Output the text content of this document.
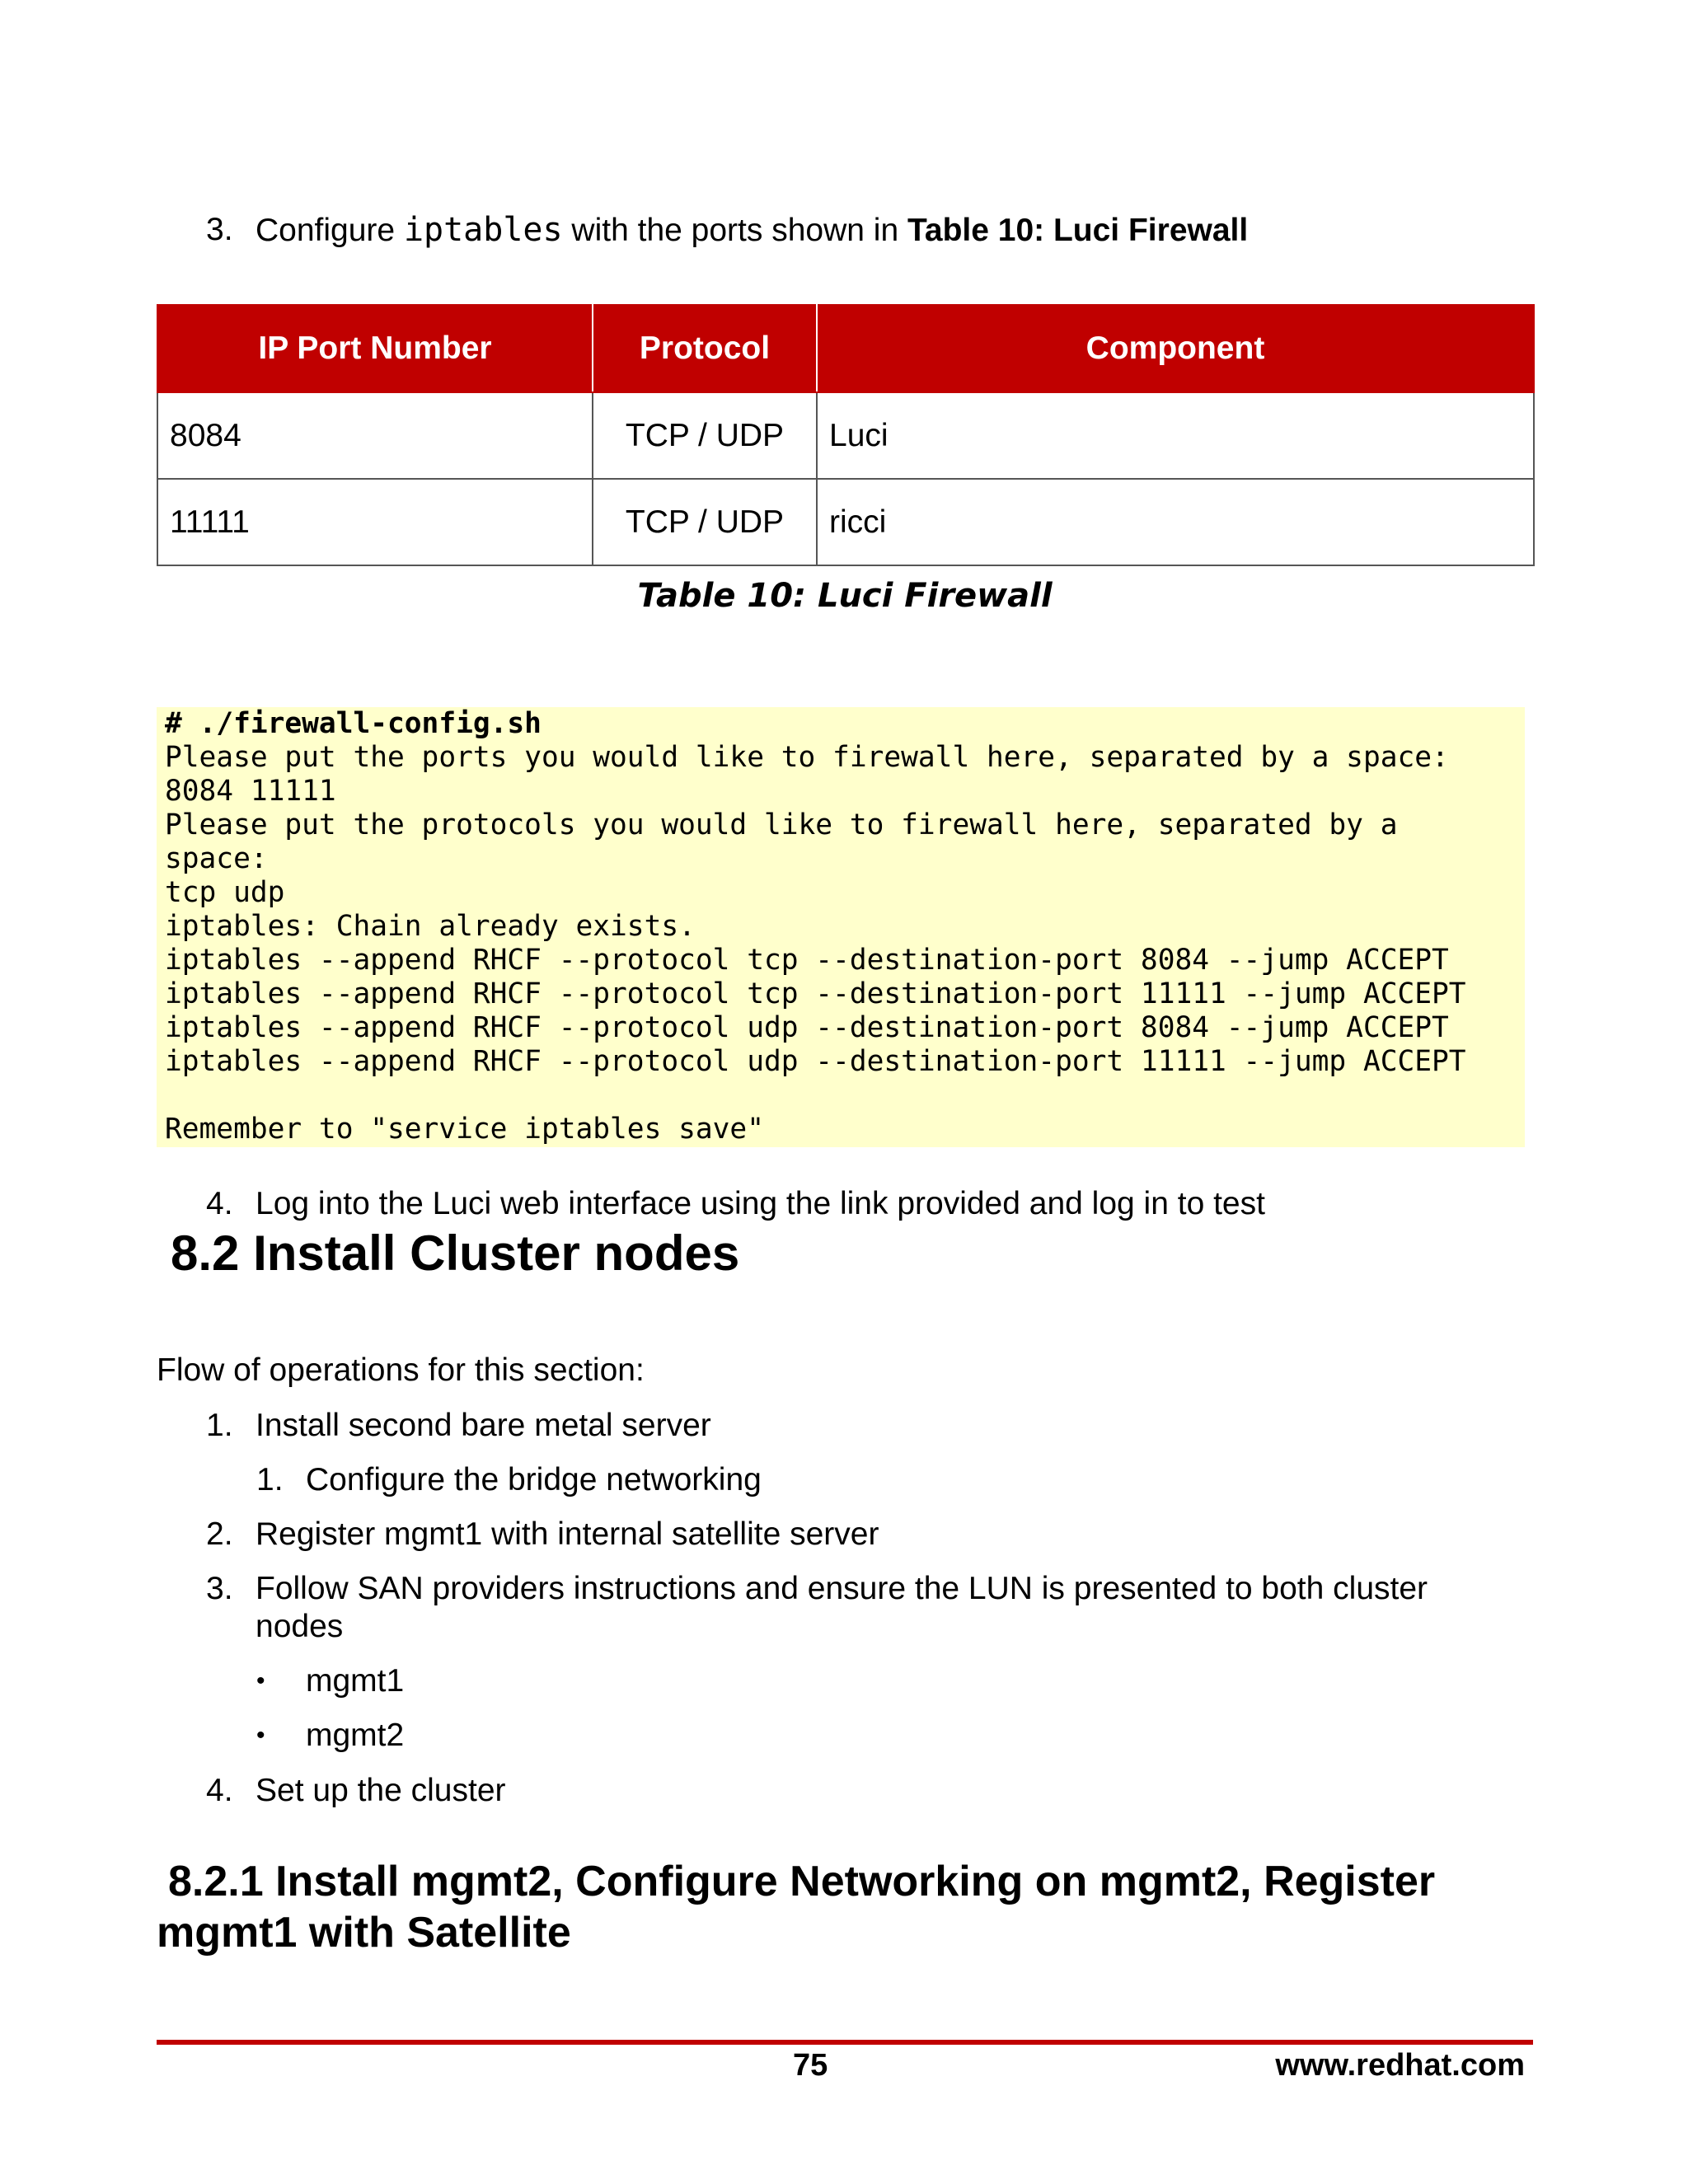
3. Configure iptables with the ports shown in Table 10: Luci Firewall
IP Port Number	Protocol	Component
8084	TCP / UDP	Luci
11111	TCP / UDP	ricci
Table 10: Luci Firewall
# ./firewall-config.sh
Please put the ports you would like to firewall here, separated by a space:
8084 11111
Please put the protocols you would like to firewall here, separated by a
space:
tcp udp
iptables: Chain already exists.
iptables --append RHCF --protocol tcp --destination-port 8084 --jump ACCEPT
iptables --append RHCF --protocol tcp --destination-port 11111 --jump ACCEPT
iptables --append RHCF --protocol udp --destination-port 8084 --jump ACCEPT
iptables --append RHCF --protocol udp --destination-port 11111 --jump ACCEPT

Remember to "service iptables save"
4. Log into the Luci web interface using the link provided and log in to test
8.2 Install Cluster nodes
Flow of operations for this section:
1. Install second bare metal server
1. Configure the bridge networking
2. Register mgmt1 with internal satellite server
3. Follow SAN providers instructions and ensure the LUN is presented to both cluster
nodes
• mgmt1
• mgmt2
4. Set up the cluster
8.2.1 Install mgmt2, Configure Networking on mgmt2, Register mgmt1 with Satellite
75	www.redhat.com
